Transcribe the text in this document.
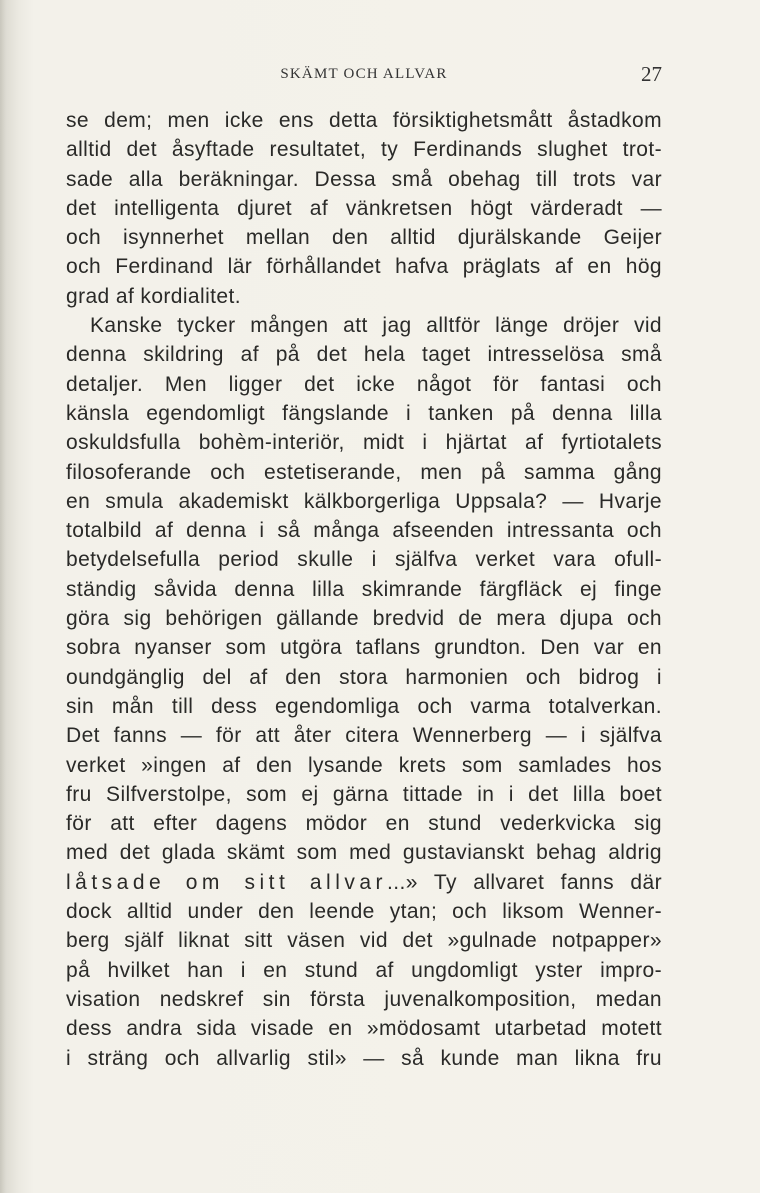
SKÄMT OCH ALLVAR	27
se dem; men icke ens detta försiktighetsmått åstadkom
alltid det åsyftade resultatet, ty Ferdinands slughet trot-
sade alla beräkningar. Dessa små obehag till trots var
det intelligenta djuret af vänkretsen högt värderadt —
och isynnerhet mellan den alltid djurälskande Geijer
och Ferdinand lär förhållandet hafva präglats af en hög
grad af kordialitet.
Kanske tycker mången att jag alltför länge dröjer vid
denna skildring af på det hela taget intresselösa små
detaljer. Men ligger det icke något för fantasi och
känsla egendomligt fängslande i tanken på denna lilla
oskuldsfulla bohèm-interiör, midt i hjärtat af fyrtiotalets
filosoferande och estetiserande, men på samma gång
en smula akademiskt kälkborgerliga Uppsala? — Hvarje
totalbild af denna i så många afseenden intressanta och
betydelsefulla period skulle i själfva verket vara ofull-
ständig såvida denna lilla skimrande färgfläck ej finge
göra sig behörigen gällande bredvid de mera djupa och
sobra nyanser som utgöra taflans grundton. Den var en
oundgänglig del af den stora harmonien och bidrog i
sin mån till dess egendomliga och varma totalverkan.
Det fanns — för att åter citera Wennerberg — i själfva
verket »ingen af den lysande krets som samlades hos
fru Silfverstolpe, som ej gärna tittade in i det lilla boet
för att efter dagens mödor en stund vederkvicka sig
med det glada skämt som med gustavianskt behag aldrig
låtsade om sitt allvar...» Ty allvaret fanns där
dock alltid under den leende ytan; och liksom Wenner-
berg själf liknat sitt väsen vid det »gulnade notpapper»
på hvilket han i en stund af ungdomligt yster impro-
visation nedskref sin första juvenalkomposition, medan
dess andra sida visade en »mödosamt utarbetad motett
i sträng och allvarlig stil» — så kunde man likna fru
